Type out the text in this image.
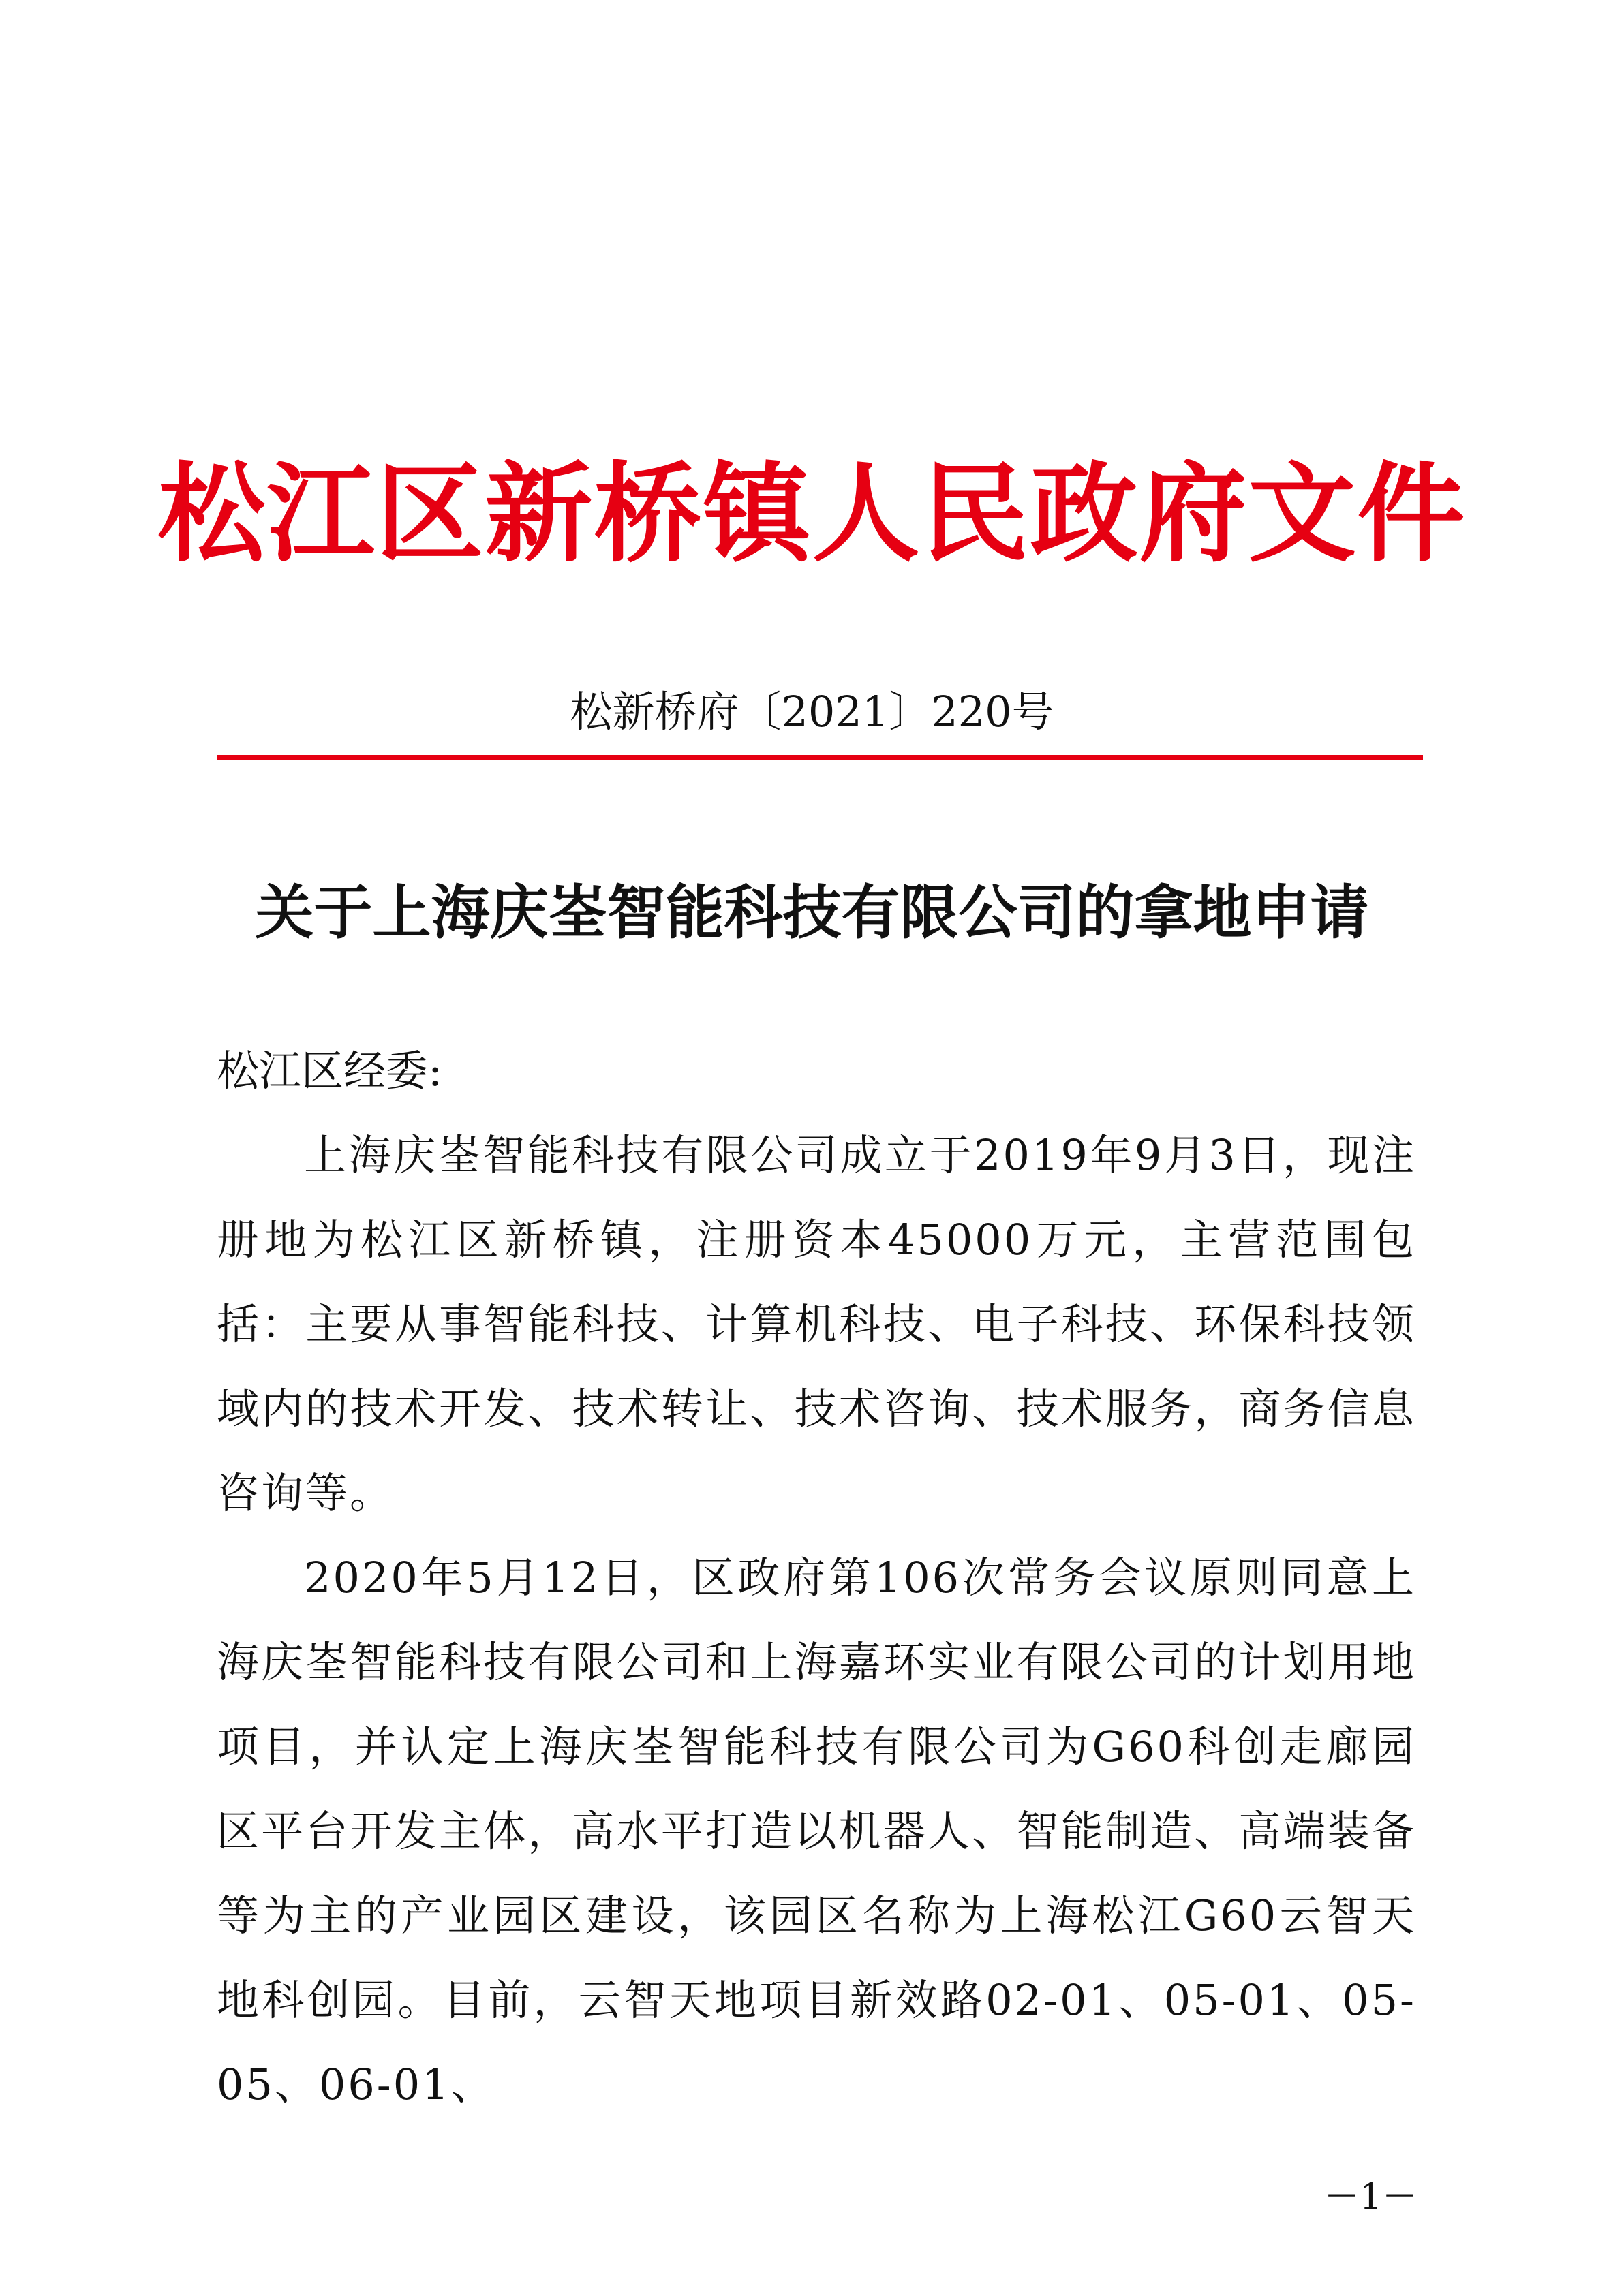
松江区新桥镇人民政府文件
松新桥府〔2021〕220号
关于上海庆峑智能科技有限公司的拿地申请

松江区经委:

上海庆峑智能科技有限公司成立于2019年9月3日，现注册地为松江区新桥镇，注册资本45000万元，主营范围包括：主要从事智能科技、计算机科技、电子科技、环保科技领域内的技术开发、技术转让、技术咨询、技术服务，商务信息咨询等。

2020年5月12日，区政府第106次常务会议原则同意上海庆峑智能科技有限公司和上海嘉环实业有限公司的计划用地项目，并认定上海庆峑智能科技有限公司为G60科创走廊园区平台开发主体，高水平打造以机器人、智能制造、高端装备等为主的产业园区建设，该园区名称为上海松江G60云智天地科创园。目前，云智天地项目新效路02-01、05-01、05-05、06-01、

－1－
